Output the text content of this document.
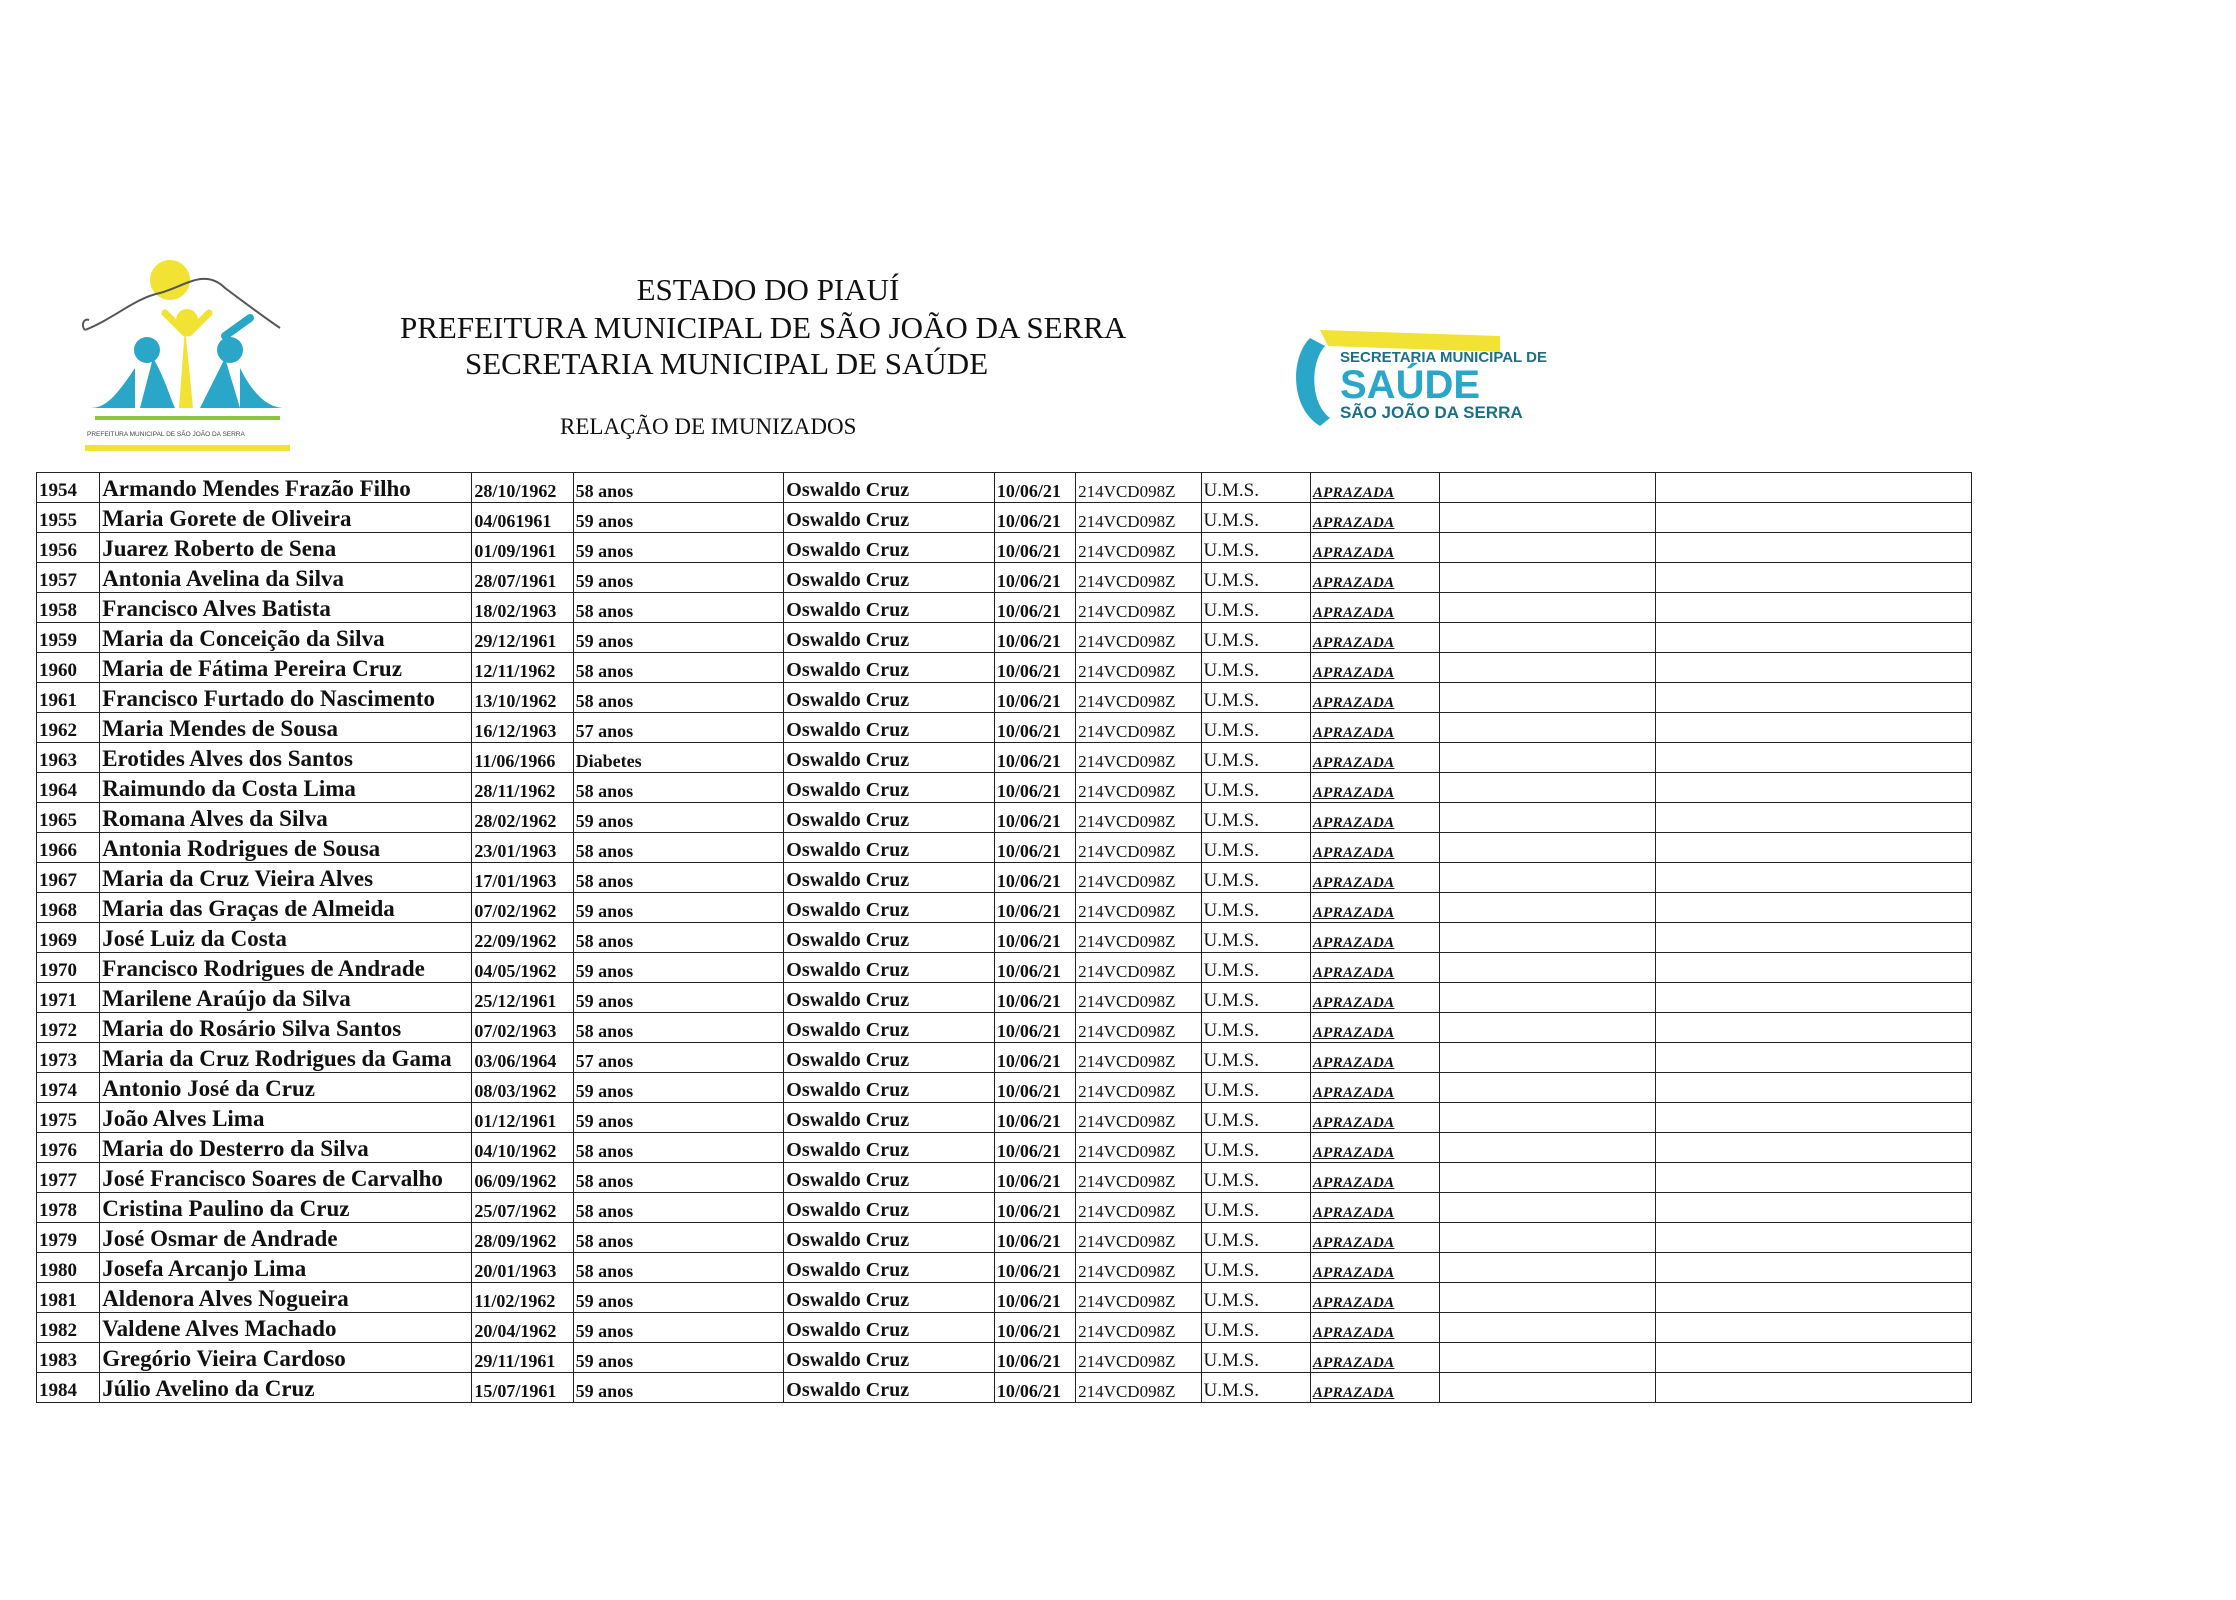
PREFEITURA MUNICIPAL DE SÃO JOÃO DA SERRA
ESTADO DO PIAUÍ
PREFEITURA MUNICIPAL DE SÃO JOÃO DA SERRA
SECRETARIA MUNICIPAL DE SAÚDE
RELAÇÃO DE IMUNIZADOS
SECRETARIA MUNICIPAL DE
SAÚDE
SÃO JOÃO DA SERRA
1954	Armando Mendes Frazão Filho	28/10/1962	58 anos	Oswaldo Cruz	10/06/21	214VCD098Z	U.M.S.	APRAZADA		
1955	Maria Gorete de Oliveira	04/061961	59 anos	Oswaldo Cruz	10/06/21	214VCD098Z	U.M.S.	APRAZADA		
1956	Juarez Roberto de Sena	01/09/1961	59 anos	Oswaldo Cruz	10/06/21	214VCD098Z	U.M.S.	APRAZADA		
1957	Antonia Avelina da Silva	28/07/1961	59 anos	Oswaldo Cruz	10/06/21	214VCD098Z	U.M.S.	APRAZADA		
1958	Francisco Alves Batista	18/02/1963	58 anos	Oswaldo Cruz	10/06/21	214VCD098Z	U.M.S.	APRAZADA		
1959	Maria da Conceição da Silva	29/12/1961	59 anos	Oswaldo Cruz	10/06/21	214VCD098Z	U.M.S.	APRAZADA		
1960	Maria de Fátima Pereira Cruz	12/11/1962	58 anos	Oswaldo Cruz	10/06/21	214VCD098Z	U.M.S.	APRAZADA		
1961	Francisco Furtado do Nascimento	13/10/1962	58 anos	Oswaldo Cruz	10/06/21	214VCD098Z	U.M.S.	APRAZADA		
1962	Maria Mendes de Sousa	16/12/1963	57 anos	Oswaldo Cruz	10/06/21	214VCD098Z	U.M.S.	APRAZADA		
1963	Erotides Alves dos Santos	11/06/1966	Diabetes	Oswaldo Cruz	10/06/21	214VCD098Z	U.M.S.	APRAZADA		
1964	Raimundo da Costa Lima	28/11/1962	58 anos	Oswaldo Cruz	10/06/21	214VCD098Z	U.M.S.	APRAZADA		
1965	Romana Alves da Silva	28/02/1962	59 anos	Oswaldo Cruz	10/06/21	214VCD098Z	U.M.S.	APRAZADA		
1966	Antonia Rodrigues de Sousa	23/01/1963	58 anos	Oswaldo Cruz	10/06/21	214VCD098Z	U.M.S.	APRAZADA		
1967	Maria da Cruz Vieira Alves	17/01/1963	58 anos	Oswaldo Cruz	10/06/21	214VCD098Z	U.M.S.	APRAZADA		
1968	Maria das Graças de Almeida	07/02/1962	59 anos	Oswaldo Cruz	10/06/21	214VCD098Z	U.M.S.	APRAZADA		
1969	José Luiz da Costa	22/09/1962	58 anos	Oswaldo Cruz	10/06/21	214VCD098Z	U.M.S.	APRAZADA		
1970	Francisco Rodrigues de Andrade	04/05/1962	59 anos	Oswaldo Cruz	10/06/21	214VCD098Z	U.M.S.	APRAZADA		
1971	Marilene Araújo da Silva	25/12/1961	59 anos	Oswaldo Cruz	10/06/21	214VCD098Z	U.M.S.	APRAZADA		
1972	Maria do Rosário Silva Santos	07/02/1963	58 anos	Oswaldo Cruz	10/06/21	214VCD098Z	U.M.S.	APRAZADA		
1973	Maria da Cruz Rodrigues da Gama	03/06/1964	57 anos	Oswaldo Cruz	10/06/21	214VCD098Z	U.M.S.	APRAZADA		
1974	Antonio José da Cruz	08/03/1962	59 anos	Oswaldo Cruz	10/06/21	214VCD098Z	U.M.S.	APRAZADA		
1975	João Alves Lima	01/12/1961	59 anos	Oswaldo Cruz	10/06/21	214VCD098Z	U.M.S.	APRAZADA		
1976	Maria do Desterro da Silva	04/10/1962	58 anos	Oswaldo Cruz	10/06/21	214VCD098Z	U.M.S.	APRAZADA		
1977	José Francisco Soares de Carvalho	06/09/1962	58 anos	Oswaldo Cruz	10/06/21	214VCD098Z	U.M.S.	APRAZADA		
1978	Cristina Paulino da Cruz	25/07/1962	58 anos	Oswaldo Cruz	10/06/21	214VCD098Z	U.M.S.	APRAZADA		
1979	José Osmar de Andrade	28/09/1962	58 anos	Oswaldo Cruz	10/06/21	214VCD098Z	U.M.S.	APRAZADA		
1980	Josefa Arcanjo Lima	20/01/1963	58 anos	Oswaldo Cruz	10/06/21	214VCD098Z	U.M.S.	APRAZADA		
1981	Aldenora Alves Nogueira	11/02/1962	59 anos	Oswaldo Cruz	10/06/21	214VCD098Z	U.M.S.	APRAZADA		
1982	Valdene Alves Machado	20/04/1962	59 anos	Oswaldo Cruz	10/06/21	214VCD098Z	U.M.S.	APRAZADA		
1983	Gregório Vieira Cardoso	29/11/1961	59 anos	Oswaldo Cruz	10/06/21	214VCD098Z	U.M.S.	APRAZADA		
1984	Júlio Avelino da Cruz	15/07/1961	59 anos	Oswaldo Cruz	10/06/21	214VCD098Z	U.M.S.	APRAZADA		
